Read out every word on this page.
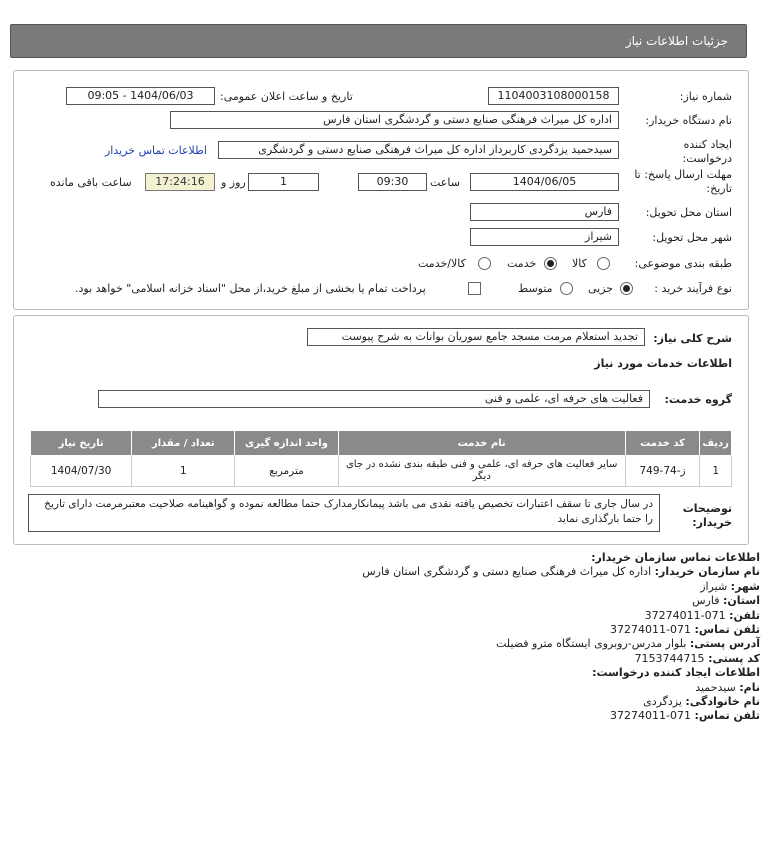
جزئیات اطلاعات نیاز
شماره نیاز:
1104003108000158
تاریخ و ساعت اعلان عمومی:
1404/06/03 - 09:05
نام دستگاه خریدار:
اداره کل میراث فرهنگی صنایع دستی و گردشگری استان فارس
ایجاد کننده درخواست:
سیدحمید یزدگردی کاربرداز اداره کل میراث فرهنگی صنایع دستی و گردشگری
اطلاعات تماس خریدار
مهلت ارسال پاسخ: تا تاریخ:
1404/06/05
ساعت
09:30
1
روز و
17:24:16
ساعت باقی مانده
استان محل تحویل:
فارس
شهر محل تحویل:
شیراز
طبقه بندی موضوعی:
کالا
خدمت
کالا/خدمت
نوع فرآیند خرید :
جزیی
متوسط
پرداخت تمام یا بخشی از مبلغ خرید،از محل "اسناد خزانه اسلامی" خواهد بود.
شرح کلی نیاز:
تجدید استعلام مرمت مسجد جامع سوریان بوانات به شرح پیوست
اطلاعات خدمات مورد نیاز
گروه خدمت:
فعالیت های حرفه ای، علمی و فنی
ردیف	کد خدمت	نام خدمت	واحد اندازه گیری	تعداد / مقدار	تاریخ نیاز
1	ز-74-749	سایر فعالیت های حرفه ای، علمی و فنی طبقه بندی نشده در جای دیگر	مترمربع	1	1404/07/30
توضیحات خریدار:
در سال جاری تا سقف اعتبارات تخصیص یافته نقدی می باشد پیمانکارمدارک حتما مطالعه نموده و گواهینامه صلاحیت معتبرمرمت دارای تاریخ را حتما بارگذاری نماید
اطلاعات تماس سازمان خریدار:
نام سازمان خریدار: اداره کل میراث فرهنگی صنایع دستی و گردشگری استان فارس
شهر: شیراز
استان: فارس
تلفن: 071-37274011
تلفن تماس: 071-37274011
آدرس پستی: بلوار مدرس-روبروی ایستگاه مترو فضیلت
کد پستی: 7153744715
اطلاعات ایجاد کننده درخواست:
نام: سیدحمید
نام خانوادگی: یزدگردی
تلفن تماس: 071-37274011
